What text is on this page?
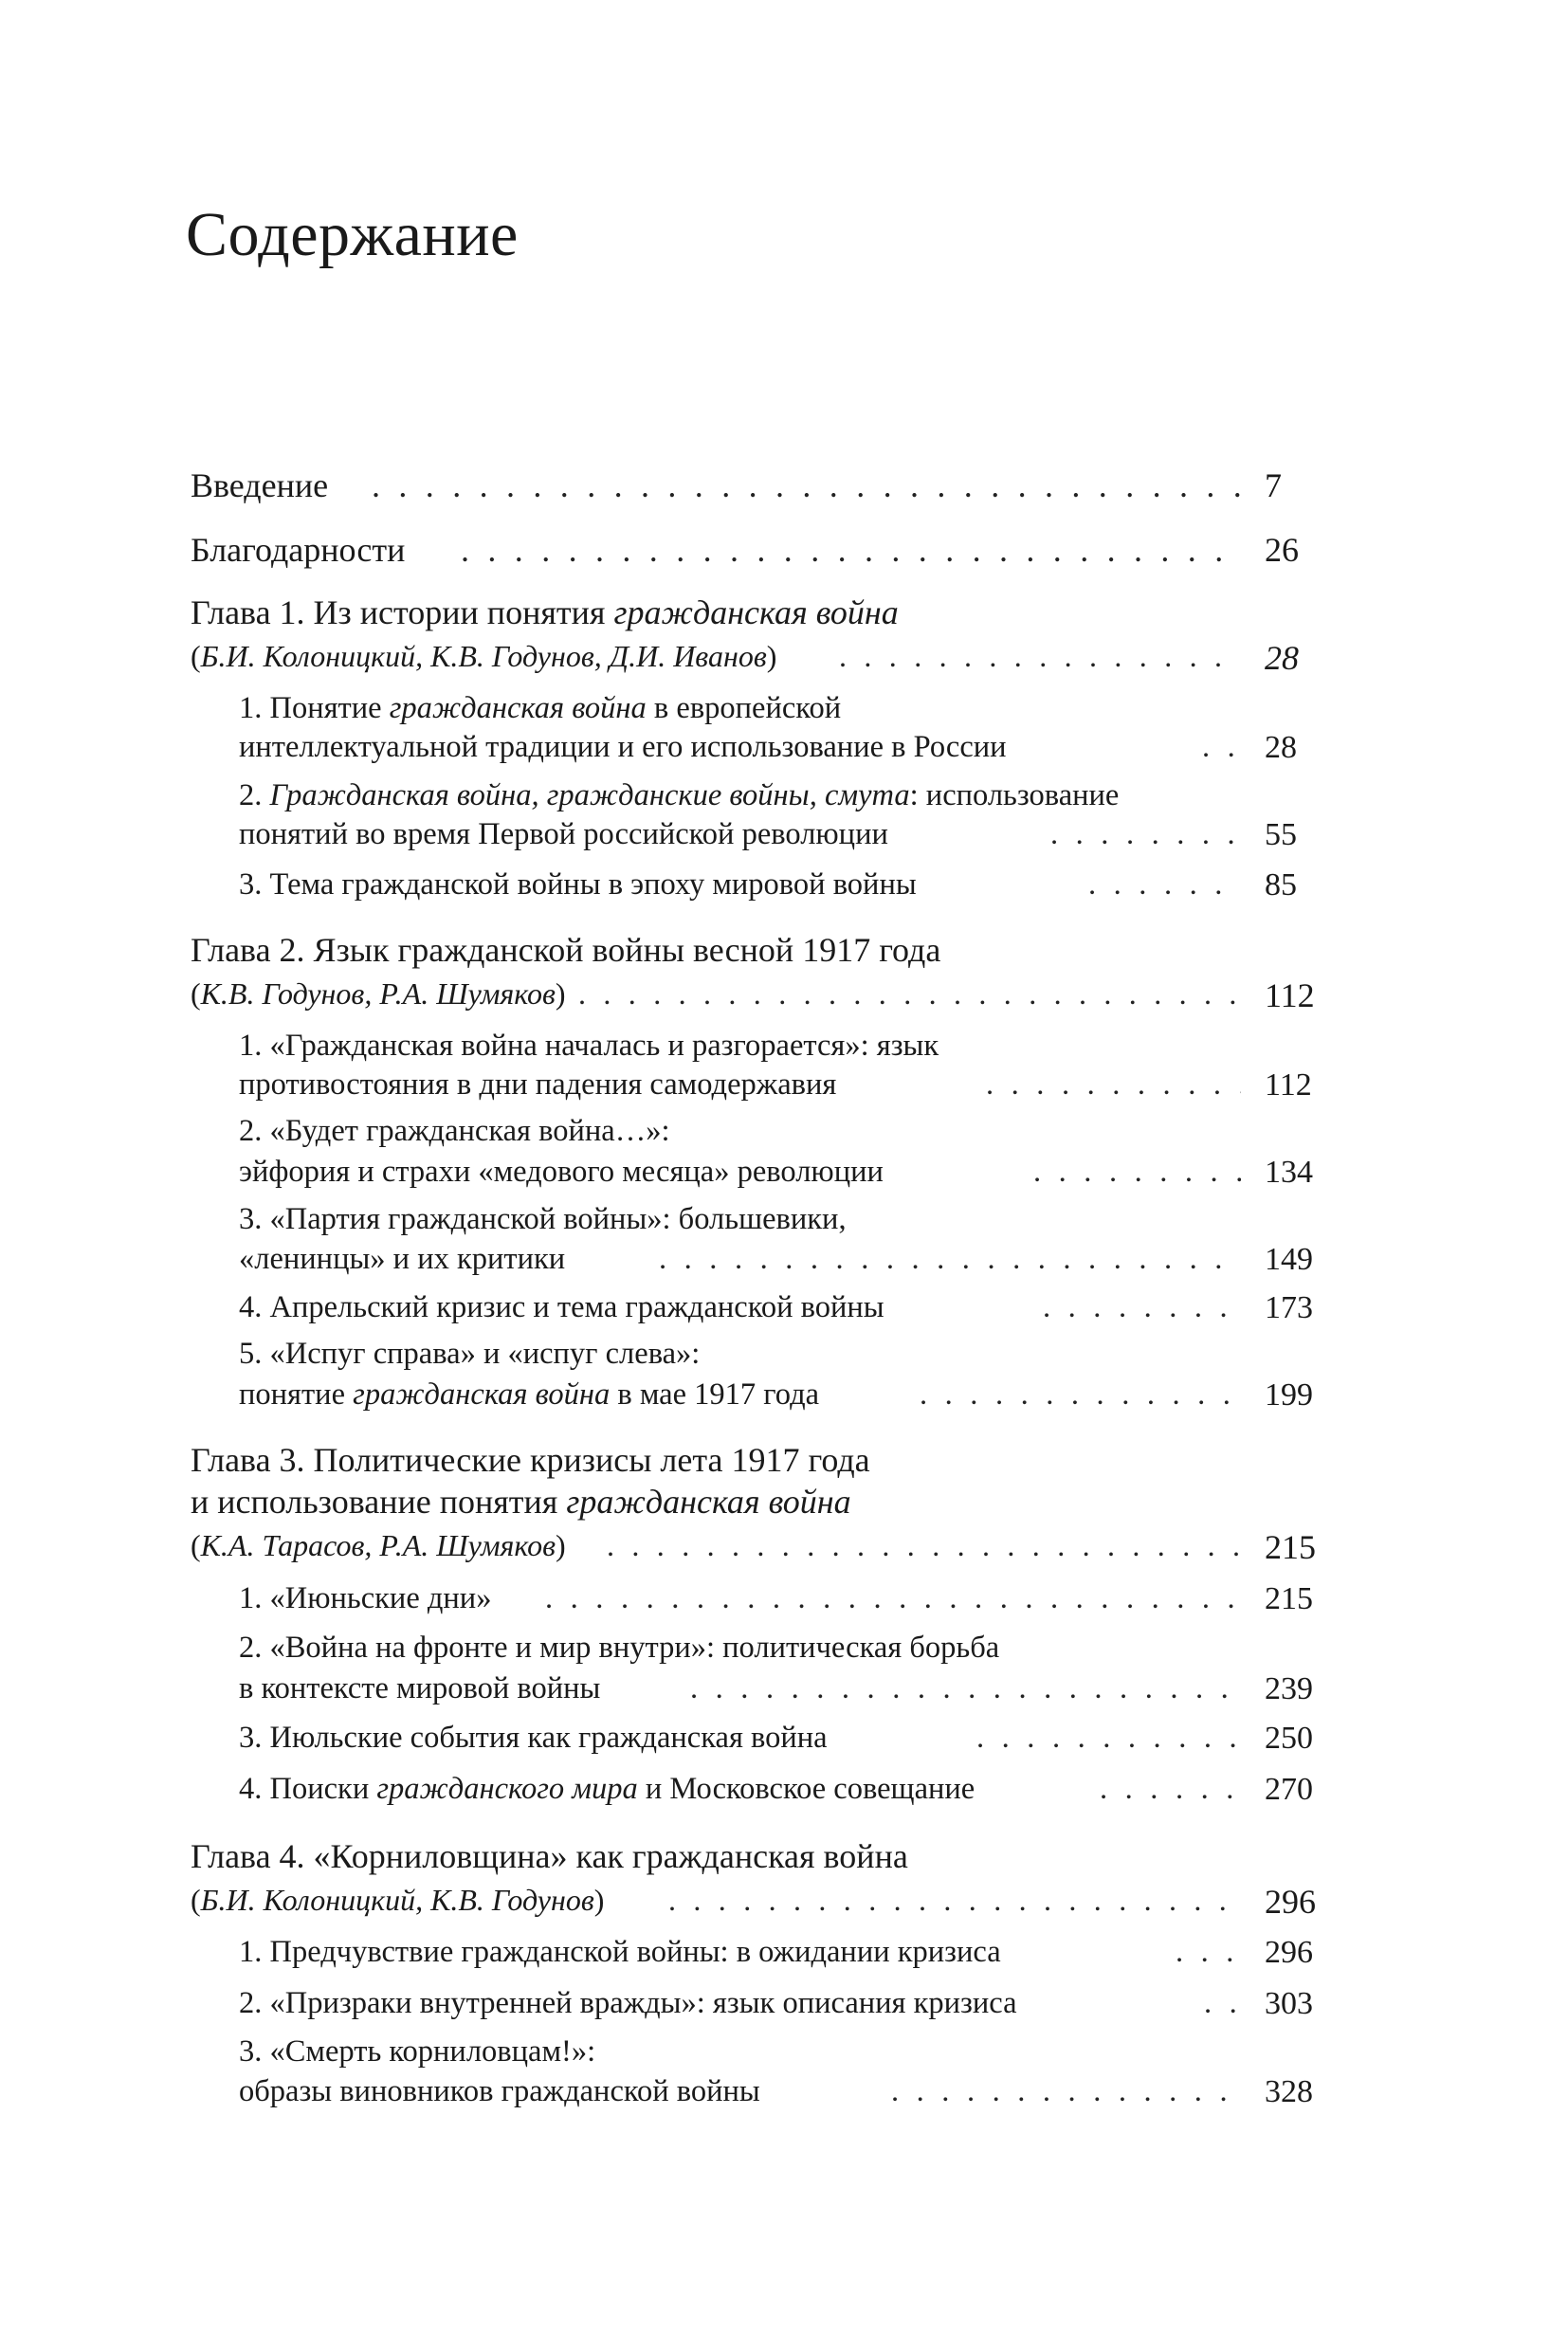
Содержание
Введение . . .	7
Благодарности . . .	26
Глава 1. Из истории понятия гражданская война
(Б.И. Колоницкий, К.В. Годунов, Д.И. Иванов) . . .	28
1. Понятие гражданская война в европейской
интеллектуальной традиции и его использование в России . . .	28
2. Гражданская война, гражданские войны, смута: использование
понятий во время Первой российской революции . . .	55
3. Тема гражданской войны в эпоху мировой войны . . .	85
Глава 2. Язык гражданской войны весной 1917 года
(К.В. Годунов, Р.А. Шумяков) . . .	112
1. «Гражданская война началась и разгорается»: язык
противостояния в дни падения самодержавия . . .	112
2. «Будет гражданская война…»:
эйфория и страхи «медового месяца» революции . . .	134
3. «Партия гражданской войны»: большевики,
«ленинцы» и их критики . . .	149
4. Апрельский кризис и тема гражданской войны . . .	173
5. «Испуг справа» и «испуг слева»:
понятие гражданская война в мае 1917 года . . .	199
Глава 3. Политические кризисы лета 1917 года
и использование понятия гражданская война
(К.А. Тарасов, Р.А. Шумяков) . . .	215
1. «Июньские дни» . . .	215
2. «Война на фронте и мир внутри»: политическая борьба
в контексте мировой войны . . .	239
3. Июльские события как гражданская война . . .	250
4. Поиски гражданского мира и Московское совещание . . .	270
Глава 4. «Корниловщина» как гражданская война
(Б.И. Колоницкий, К.В. Годунов) . . .	296
1. Предчувствие гражданской войны: в ожидании кризиса . . .	296
2. «Призраки внутренней вражды»: язык описания кризиса . . .	303
3. «Смерть корниловцам!»:
образы виновников гражданской войны . . .	328
